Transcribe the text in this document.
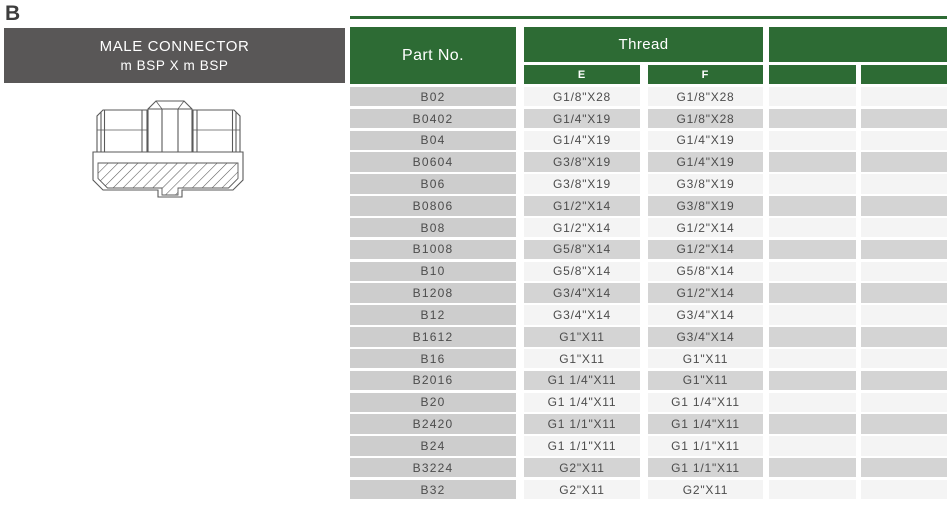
B
MALE CONNECTOR
m BSP X m BSP
Part No.
Thread
E	F
B02	G1/8"X28	G1/8"X28
B0402	G1/4"X19	G1/8"X28
B04	G1/4"X19	G1/4"X19
B0604	G3/8"X19	G1/4"X19
B06	G3/8"X19	G3/8"X19
B0806	G1/2"X14	G3/8"X19
B08	G1/2"X14	G1/2"X14
B1008	G5/8"X14	G1/2"X14
B10	G5/8"X14	G5/8"X14
B1208	G3/4"X14	G1/2"X14
B12	G3/4"X14	G3/4"X14
B1612	G1"X11	G3/4"X14
B16	G1"X11	G1"X11
B2016	G1 1/4"X11	G1"X11
B20	G1 1/4"X11	G1 1/4"X11
B2420	G1 1/1"X11	G1 1/4"X11
B24	G1 1/1"X11	G1 1/1"X11
B3224	G2"X11	G1 1/1"X11
B32	G2"X11	G2"X11
